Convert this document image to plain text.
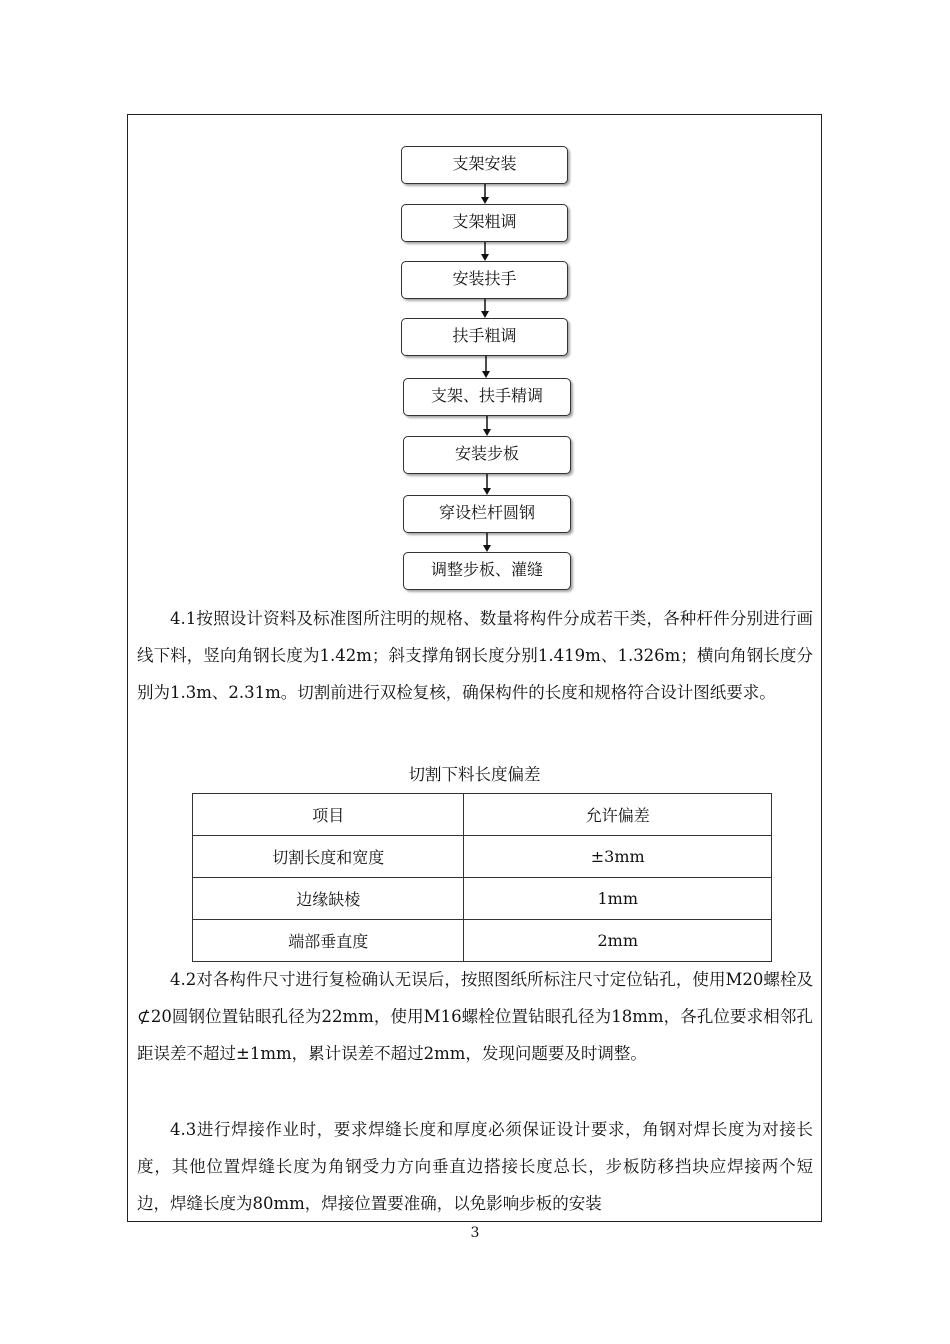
支架安装
支架粗调
安装扶手
扶手粗调
支架、扶手精调
安装步板
穿设栏杆圆钢
调整步板、灌缝

4.1按照设计资料及标准图所注明的规格、数量将构件分成若干类，各种杆件分别进行画线下料，竖向角钢长度为1.42m；斜支撑角钢长度分别1.419m、1.326m；横向角钢长度分别为1.3m、2.31m。切割前进行双检复核，确保构件的长度和规格符合设计图纸要求。

切割下料长度偏差
项目	允许偏差
切割长度和宽度	±3mm
边缘缺棱	1mm
端部垂直度	2mm

4.2对各构件尺寸进行复检确认无误后，按照图纸所标注尺寸定位钻孔，使用M20螺栓及⊄20圆钢位置钻眼孔径为22mm，使用M16螺栓位置钻眼孔径为18mm，各孔位要求相邻孔距误差不超过±1mm，累计误差不超过2mm，发现问题要及时调整。

4.3进行焊接作业时，要求焊缝长度和厚度必须保证设计要求，角钢对焊长度为对接长度，其他位置焊缝长度为角钢受力方向垂直边搭接长度总长，步板防移挡块应焊接两个短边，焊缝长度为80mm，焊接位置要准确，以免影响步板的安装

3
